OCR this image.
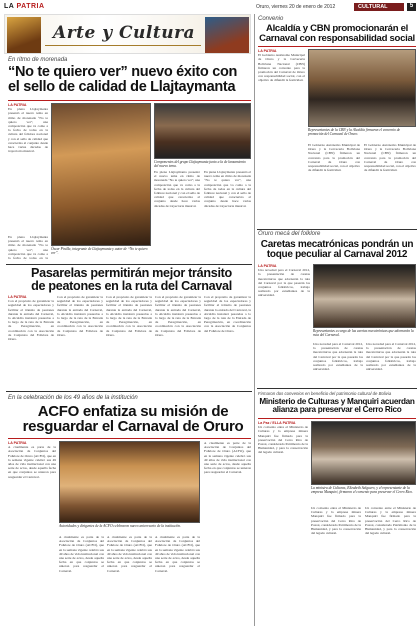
LA PATRIA	Oruro, viernes 20 de enero de 2012	CULTURAL	5
Arte y Cultura
En ritmo de morenada
“No te quiero ver” nuevo éxito con
el sello de calidad de Llajtaymanta
LA PATRIA
En plena Llajtaymanta presentó el nuevo tema en ritmo de morenada “No te quiero ver”, una composición que va como a la fecha de todas en la cultura del folklore nacional y con el sello de calidad que caracteriza al conjunto desde hace varias décadas de trayectoria musical.
Óscar Pinilla, integrante de Llajtaymanta y autor de “No te quiero ver”.
Componentes del grupo Llajtaymanta junto a la de lanzamiento del nuevo tema.
En plena Llajtaymanta presentó el nuevo tema en ritmo de morenada “No te quiero ver”, una composición que va como a la fecha de todas en la cultura del folklore nacional y con el sello de calidad que caracteriza al conjunto desde hace varias décadas de trayectoria musical.
En plena Llajtaymanta presentó el nuevo tema en ritmo de morenada “No te quiero ver”, una composición que va como a la fecha de todas en la cultura del folklore nacional y con el sello de calidad que caracteriza al conjunto desde hace varias décadas de trayectoria musical.
En plena Llajtaymanta presentó el nuevo tema en ritmo de morenada “No te quiero ver”, una composición que va como a la fecha de todas en la
Pasarelas permitirán mejor tránsito
de peatones en la ruta del Carnaval
LA PATRIA
Con el propósito de garantizar la seguridad de los espectadores y facilitar el tránsito de peatones durante la entrada del Carnaval, la Alcaldía instalará pasarelas a lo largo de la ruta de la Entrada de Peregrinación, en coordinación con la Asociación de Conjuntos del Folklore de Oruro.
Con el propósito de garantizar la seguridad de los espectadores y facilitar el tránsito de peatones durante la entrada del Carnaval, la Alcaldía instalará pasarelas a lo largo de la ruta de la Entrada de Peregrinación, en coordinación con la Asociación de Conjuntos del Folklore de Oruro.
Con el propósito de garantizar la seguridad de los espectadores y facilitar el tránsito de peatones durante la entrada del Carnaval, la Alcaldía instalará pasarelas a lo largo de la ruta de la Entrada de Peregrinación, en coordinación con la Asociación de Conjuntos del Folklore de Oruro.
Con el propósito de garantizar la seguridad de los espectadores y facilitar el tránsito de peatones durante la entrada del Carnaval, la Alcaldía instalará pasarelas a lo largo de la ruta de la Entrada de Peregrinación, en coordinación con la Asociación de Conjuntos del Folklore de Oruro.
Con el propósito de garantizar la seguridad de los espectadores y facilitar el tránsito de peatones durante la entrada del Carnaval, la Alcaldía instalará pasarelas a lo largo de la ruta de la Entrada de Peregrinación, en coordinación con la Asociación de Conjuntos del Folklore de Oruro.
En la celebración de los 49 años de la institución
ACFO enfatiza su misión de
resguardar el Carnaval de Oruro
LA PATRIA
A ctualmente es parte de la Asociación de Conjuntos del Folklore de Oruro (ACFO), que en la semana vigente celebró sus 49 años de vida institucional con una serie de actos, desde aquella fecha en que conjuntos se unieron para resguardar el Carnaval.
Autoridades y dirigentes de la ACFO celebraron nuevo aniversario de la institución.
A ctualmente es parte de la Asociación de Conjuntos del Folklore de Oruro (ACFO), que en la semana vigente celebró sus 49 años de vida institucional con una serie de actos, desde aquella fecha en que conjuntos se unieron para resguardar el Carnaval.
A ctualmente es parte de la Asociación de Conjuntos del Folklore de Oruro (ACFO), que en la semana vigente celebró sus 49 años de vida institucional con una serie de actos, desde aquella fecha en que conjuntos se unieron para resguardar el Carnaval.
A ctualmente es parte de la Asociación de Conjuntos del Folklore de Oruro (ACFO), que en la semana vigente celebró sus 49 años de vida institucional con una serie de actos, desde aquella fecha en que conjuntos se unieron para resguardar el Carnaval.
A ctualmente es parte de la Asociación de Conjuntos del Folklore de Oruro (ACFO), que en la semana vigente celebró sus 49 años de vida institucional con una serie de actos, desde aquella fecha en que conjuntos se unieron para resguardar el Carnaval.
Convenio
Alcaldía y CBN promocionarán el
Carnaval con responsabilidad social
LA PATRIA
El Gobierno Autónomo Municipal de Oruro y la Cervecería Boliviana Nacional (CBN) firmaron un convenio para la promoción del Carnaval de Oruro con responsabilidad social, con el objetivo de difundir la festividad.
Representantes de la CBN y la Alcaldía firmaron el convenio de promoción del Carnaval de Oruro.
El Gobierno Autónomo Municipal de Oruro y la Cervecería Boliviana Nacional (CBN) firmaron un convenio para la promoción del Carnaval de Oruro con responsabilidad social, con el objetivo de difundir la festividad.
El Gobierno Autónomo Municipal de Oruro y la Cervecería Boliviana Nacional (CBN) firmaron un convenio para la promoción del Carnaval de Oruro con responsabilidad social, con el objetivo de difundir la festividad.
Oruro mecá del folklore
Caretas mecatrónicas pondrán un
toque peculiar al Carnaval 2012
LA PATRIA
Una novedad para el Carnaval 2012, la presentación de caretas mecatrónicas que adornarán la ruta del Carnaval por la que pasarán los conjuntos folklóricos, trabajo realizado por estudiantes de la universidad.
Representantes a cargo de las caretas mecatrónicas que adornarán la ruta del Carnaval.
Una novedad para el Carnaval 2012, la presentación de caretas mecatrónicas que adornarán la ruta del Carnaval por la que pasarán los conjuntos folklóricos, trabajo realizado por estudiantes de la universidad.
Una novedad para el Carnaval 2012, la presentación de caretas mecatrónicas que adornarán la ruta del Carnaval por la que pasarán los conjuntos folklóricos, trabajo realizado por estudiantes de la universidad.
Firmaron dos convenios en beneficio del patrimonio cultural de Bolivia
Ministerio de Culturas y Manquiri acuerdan
alianza para preservar el Cerro Rico
La Paz / ELLA PATRIA
Un convenio entre el Ministerio de Culturas y la empresa minera Manquiri fue firmado para la preservación del Cerro Rico de Potosí, considerado Patrimonio de la Humanidad, y para la conservación del legado cultural.
La ministra de Culturas, Elizabeth Salguero, y el representante de la empresa Manquiri, firmaron el convenio para preservar el Cerro Rico.
Un convenio entre el Ministerio de Culturas y la empresa minera Manquiri fue firmado para la preservación del Cerro Rico de Potosí, considerado Patrimonio de la Humanidad, y para la conservación del legado cultural.
Un convenio entre el Ministerio de Culturas y la empresa minera Manquiri fue firmado para la preservación del Cerro Rico de Potosí, considerado Patrimonio de la Humanidad, y para la conservación del legado cultural.
